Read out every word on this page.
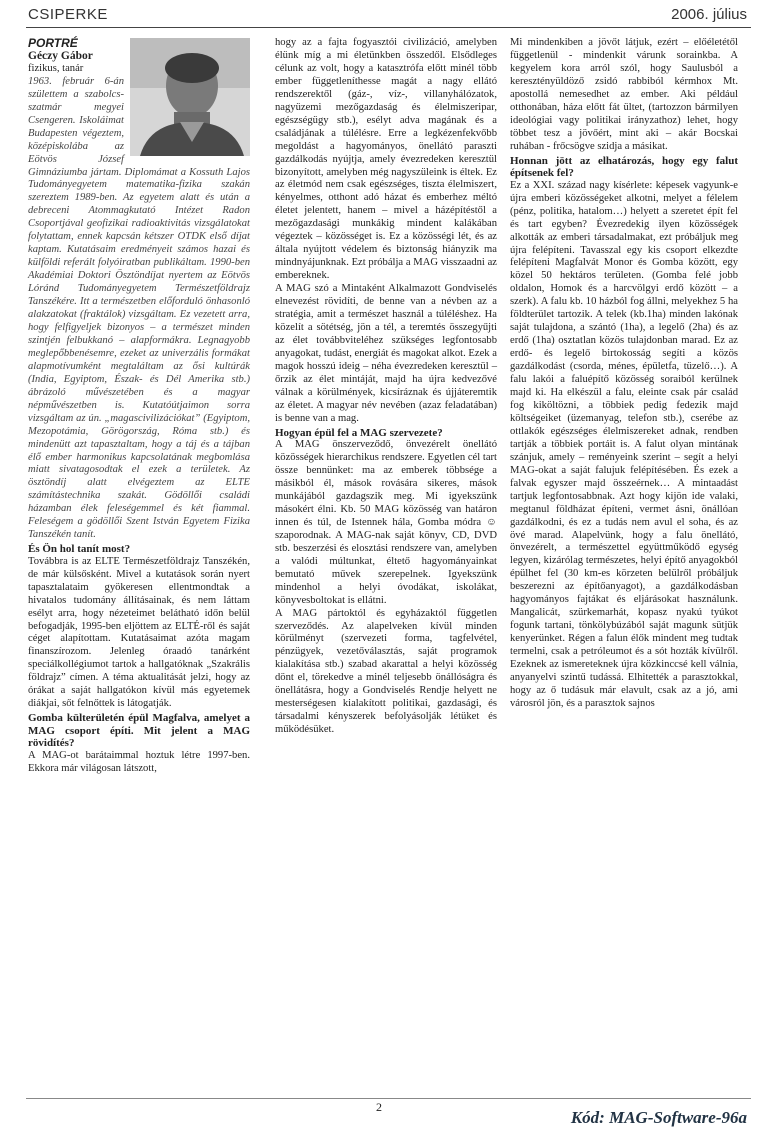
CSIPERKE	2006. július

PORTRÉ

Géczy Gábor

fizikus, tanár

1963. február 6-án születtem a szabolcs-szatmár megyei Csengeren. Iskoláimat Budapesten végeztem, középiskolába az Eötvös József Gimnáziumba jártam. Diplomámat a Kossuth Lajos Tudományegyetem matematika-fizika szakán szereztem 1989-ben. Az egyetem alatt és után a debreceni Atommagkutató Intézet Radon Csoportjával geofizikai radioaktivitás vizsgálatokat folytattam, ennek kapcsán kétszer OTDK első díjat kaptam. Kutatásaim eredményeit számos hazai és külföldi referált folyóiratban publikáltam. 1990-ben Akadémiai Doktori Ösztöndíjat nyertem az Eötvös Lóránd Tudományegyetem Természetföldrajz Tanszékére. Itt a természetben előforduló önhasonló alakzatokat (fraktálok) vizsgáltam. Ez vezetett arra, hogy felfigyeljek bizonyos – a természet minden szintjén felbukkanó – alapformákra. Legnagyobb meglepőbbenésemre, ezeket az univerzális formákat alapmotívumként megtaláltam az ősi kultúrák (India, Egyiptom, Észak- és Dél Amerika stb.) ábrázoló művészetében és a magyar népművészetben is. Kutatóútjaimon sorra vizsgáltam az ún. „magascivilizációkat” (Egyiptom, Mezopotámia, Görögország, Róma stb.) és mindenütt azt tapasztaltam, hogy a táj és a tájban élő ember harmonikus kapcsolatának megbomlása miatt sivatagosodtak el ezek a területek. Az ösztöndíj alatt elvégeztem az ELTE számítástechnika szakát. Gödöllői családi házamban élek feleségemmel és két fiammal. Feleségem a gödöllői Szent István Egyetem Fizika Tanszékén tanít.

És Ön hol tanít most?

Továbbra is az ELTE Természetföldrajz Tanszékén, de már külsősként. Mivel a kutatások során nyert tapasztalataim gyökeresen ellentmondtak a hivatalos tudomány állításainak, és nem láttam esélyt arra, hogy nézeteimet belátható időn belül befogadják, 1995-ben eljöttem az ELTÉ-ről és saját céget alapítottam. Kutatásaimat azóta magam finanszírozom. Jelenleg óraadó tanárként speciálkollégiumot tartok a hallgatóknak „Szakrális földrajz” címen. A téma aktualitását jelzi, hogy az órákat a saját hallgatókon kívül más egyetemek diákjai, sőt felnőttek is látogatják.

Gomba külterületén épül Magfalva, amelyet a MAG csoport építi. Mit jelent a MAG rövidítés?

A MAG-ot barátaimmal hoztuk létre 1997-ben. Ekkora már világosan látszott,

hogy az a fajta fogyasztói civilizáció, amelyben élünk míg a mi életünkben összedől. Elsődleges célunk az volt, hogy a katasztrófa előtt minél több ember függetleníthesse magát a nagy ellátó rendszerektől (gáz-, víz-, villanyhálózatok, nagyüzemi mezőgazdaság és élelmiszeripar, egészségügy stb.), esélyt adva magának és a családjának a túlélésre. Erre a legkézenfekvőbb megoldást a hagyományos, önellátó paraszti gazdálkodás nyújtja, amely évezredeken keresztül bizonyított, amelyben még nagyszüleink is éltek. Ez az életmód nem csak egészséges, tiszta élelmiszert, kényelmes, otthont adó házat és emberhez méltó életet jelentett, hanem – mivel a házépítéstől a mezőgazdasági munkákig mindent kalákában végeztek – közösséget is. Ez a közösségi lét, és az általa nyújtott védelem és biztonság hiányzik ma mindnyájunknak. Ezt próbálja a MAG visszaadni az embereknek.

A MAG szó a Mintaként Alkalmazott Gondviselés elnevezést rövidíti, de benne van a névben az a stratégia, amit a természet használ a túléléshez. Ha közelít a sötétség, jön a tél, a teremtés összegyűjti az élet továbbviteléhez szükséges legfontosabb anyagokat, tudást, energiát és magokat alkot. Ezek a magok hosszú ideig – néha évezredeken keresztül – őrzik az élet mintáját, majd ha újra kedvezővé válnak a körülmények, kicsíráznak és újjáteremtik az életet. A magyar név nevében (azaz feladatában) is benne van a mag.

Hogyan épül fel a MAG szervezete?

A MAG önszerveződő, önvezérelt önellátó közösségek hierarchikus rendszere. Egyetlen cél tart össze bennünket: ma az emberek többsége a másikból él, mások rovására sikeres, mások munkájából gazdagszik meg. Mi igyekszünk másokért élni. Kb. 50 MAG közösség van határon innen és túl, de Istennek hála, Gomba módra ☺ szaporodnak. A MAG-nak saját könyv, CD, DVD stb. beszerzési és elosztási rendszere van, amelyben a valódi múltunkat, éltető hagyományainkat bemutató művek szerepelnek. Igyekszünk mindenhol a helyi óvodákat, iskolákat, könyvesboltokat is ellátni.

A MAG pártoktól és egyházaktól független szerveződés. Az alapelveken kívül minden körülményt (szervezeti forma, tagfelvétel, pénzügyek, vezetőválasztás, saját programok kialakítása stb.) szabad akarattal a helyi közösség dönt el, törekedve a minél teljesebb önállóságra és önellátásra, hogy a Gondviselés Rendje helyett ne mesterségesen kialakított politikai, gazdasági, és társadalmi kényszerek befolyásolják létüket és működésüket.

Mi mindenkiben a jövőt látjuk, ezért – előéletétől függetlenül - mindenkit várunk sorainkba. A kegyelem kora arról szól, hogy Saulusból a keresztényüldöző zsidó rabbiból kérmhox Mt. apostollá nemesedhet az ember. Aki például otthonában, háza előtt fát ültet, (tartozzon bármilyen ideológiai vagy politikai irányzathoz) lehet, hogy többet tesz a jövőért, mint aki – akár Bocskai ruhában - frőcsögve szidja a másikat.

Honnan jött az elhatározás, hogy egy falut építsenek fel?

Ez a XXI. század nagy kísérlete: képesek vagyunk-e újra emberi közösségeket alkotni, melyet a félelem (pénz, politika, hatalom…) helyett a szeretet épít fel és tart egyben? Évezredekig ilyen közösségek alkották az emberi társadalmakat, ezt próbáljuk meg újra felépíteni. Tavasszal egy kis csoport elkezdte felépíteni Magfalvát Monor és Gomba között, egy közel 50 hektáros területen. (Gomba felé jobb oldalon, Homok és a harcvölgyi erdő között – a szerk). A falu kb. 10 házból fog állni, melyekhez 5 ha földterület tartozik. A telek (kb.1ha) minden lakónak saját tulajdona, a szántó (1ha), a legelő (2ha) és az erdő (1ha) osztatlan közös tulajdonban marad. Ez az erdő- és legelő birtokosság segíti a közös gazdálkodást (csorda, ménes, épületfa, tüzelő…). A falu lakói a faluépítő közösség soraiból kerülnek majd ki. Ha elkészül a falu, eleinte csak pár család fog kiköltözni, a többiek pedig fedezik majd költségeiket (üzemanyag, telefon stb.), cserébe az ottlakók egészséges élelmiszereket adnak, rendben tartják a többiek portáit is. A falut olyan mintának szánjuk, amely – reményeink szerint – segít a helyi MAG-okat a saját falujuk felépítésében. És ezek a falvak egyszer majd összeérnek… A mintaadást tartjuk legfontosabbnak. Azt hogy kijön ide valaki, megtanul földházat építeni, vermet ásni, önállóan gazdálkodni, és ez a tudás nem avul el soha, és az övé marad. Alapelvünk, hogy a falu önellátó, önvezérelt, a természettel együttműködő egység legyen, kizárólag természetes, helyi építő anyagokból épülhet fel (30 km-es körzeten belülről próbáljuk beszerezni az építőanyagot), a gazdálkodásban hagyományos fajtákat és eljárásokat használunk. Mangalicát, szürkemarhát, kopasz nyakú tyúkot fogunk tartani, tönkölybúzából saját magunk sütjük kenyerünket. Régen a falun élők mindent meg tudtak termelni, csak a petróleumot és a sót hozták kívülről. Ezeknek az ismereteknek újra közkinccsé kell válnia, anyanyelvi szintű tudássá. Elhitették a parasztokkal, hogy az ő tudásuk már elavult, csak az a jó, ami városról jön, és a parasztok sajnos

2
Kód: MAG-Software-96a
